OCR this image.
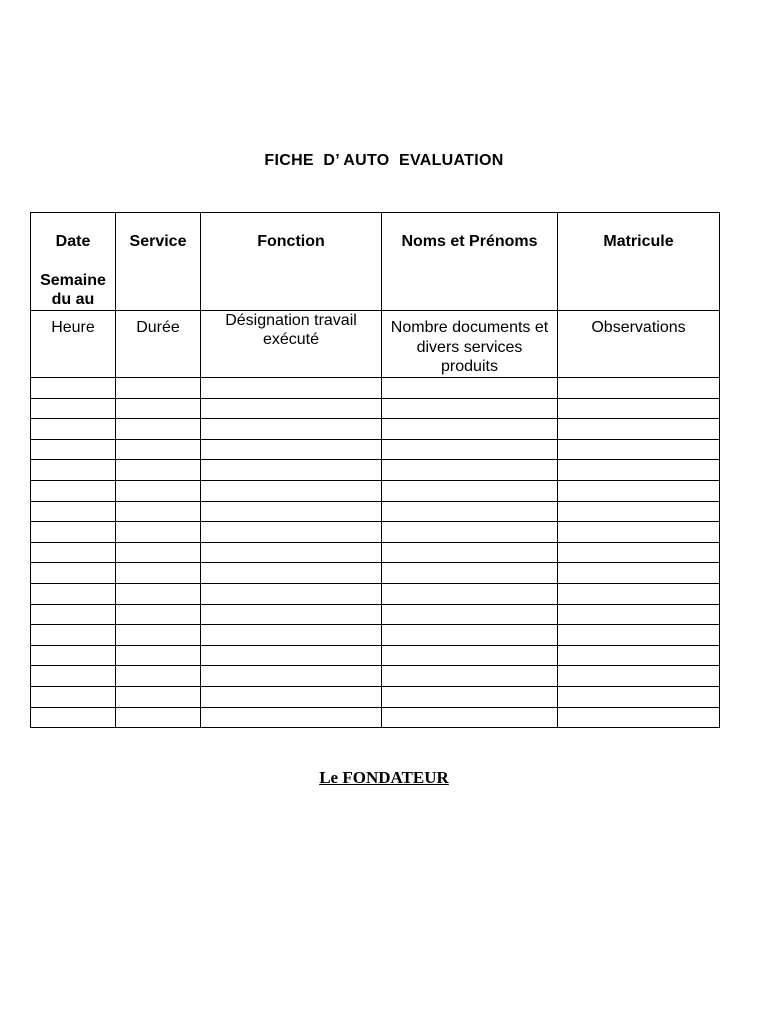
FICHE  D’ AUTO  EVALUATION
Date
Semaine
du au	Service	Fonction	Noms et Prénoms	Matricule

Heure	Durée	Désignation travail exécuté	Nombre documents et divers services produits	Observations

Le FONDATEUR
